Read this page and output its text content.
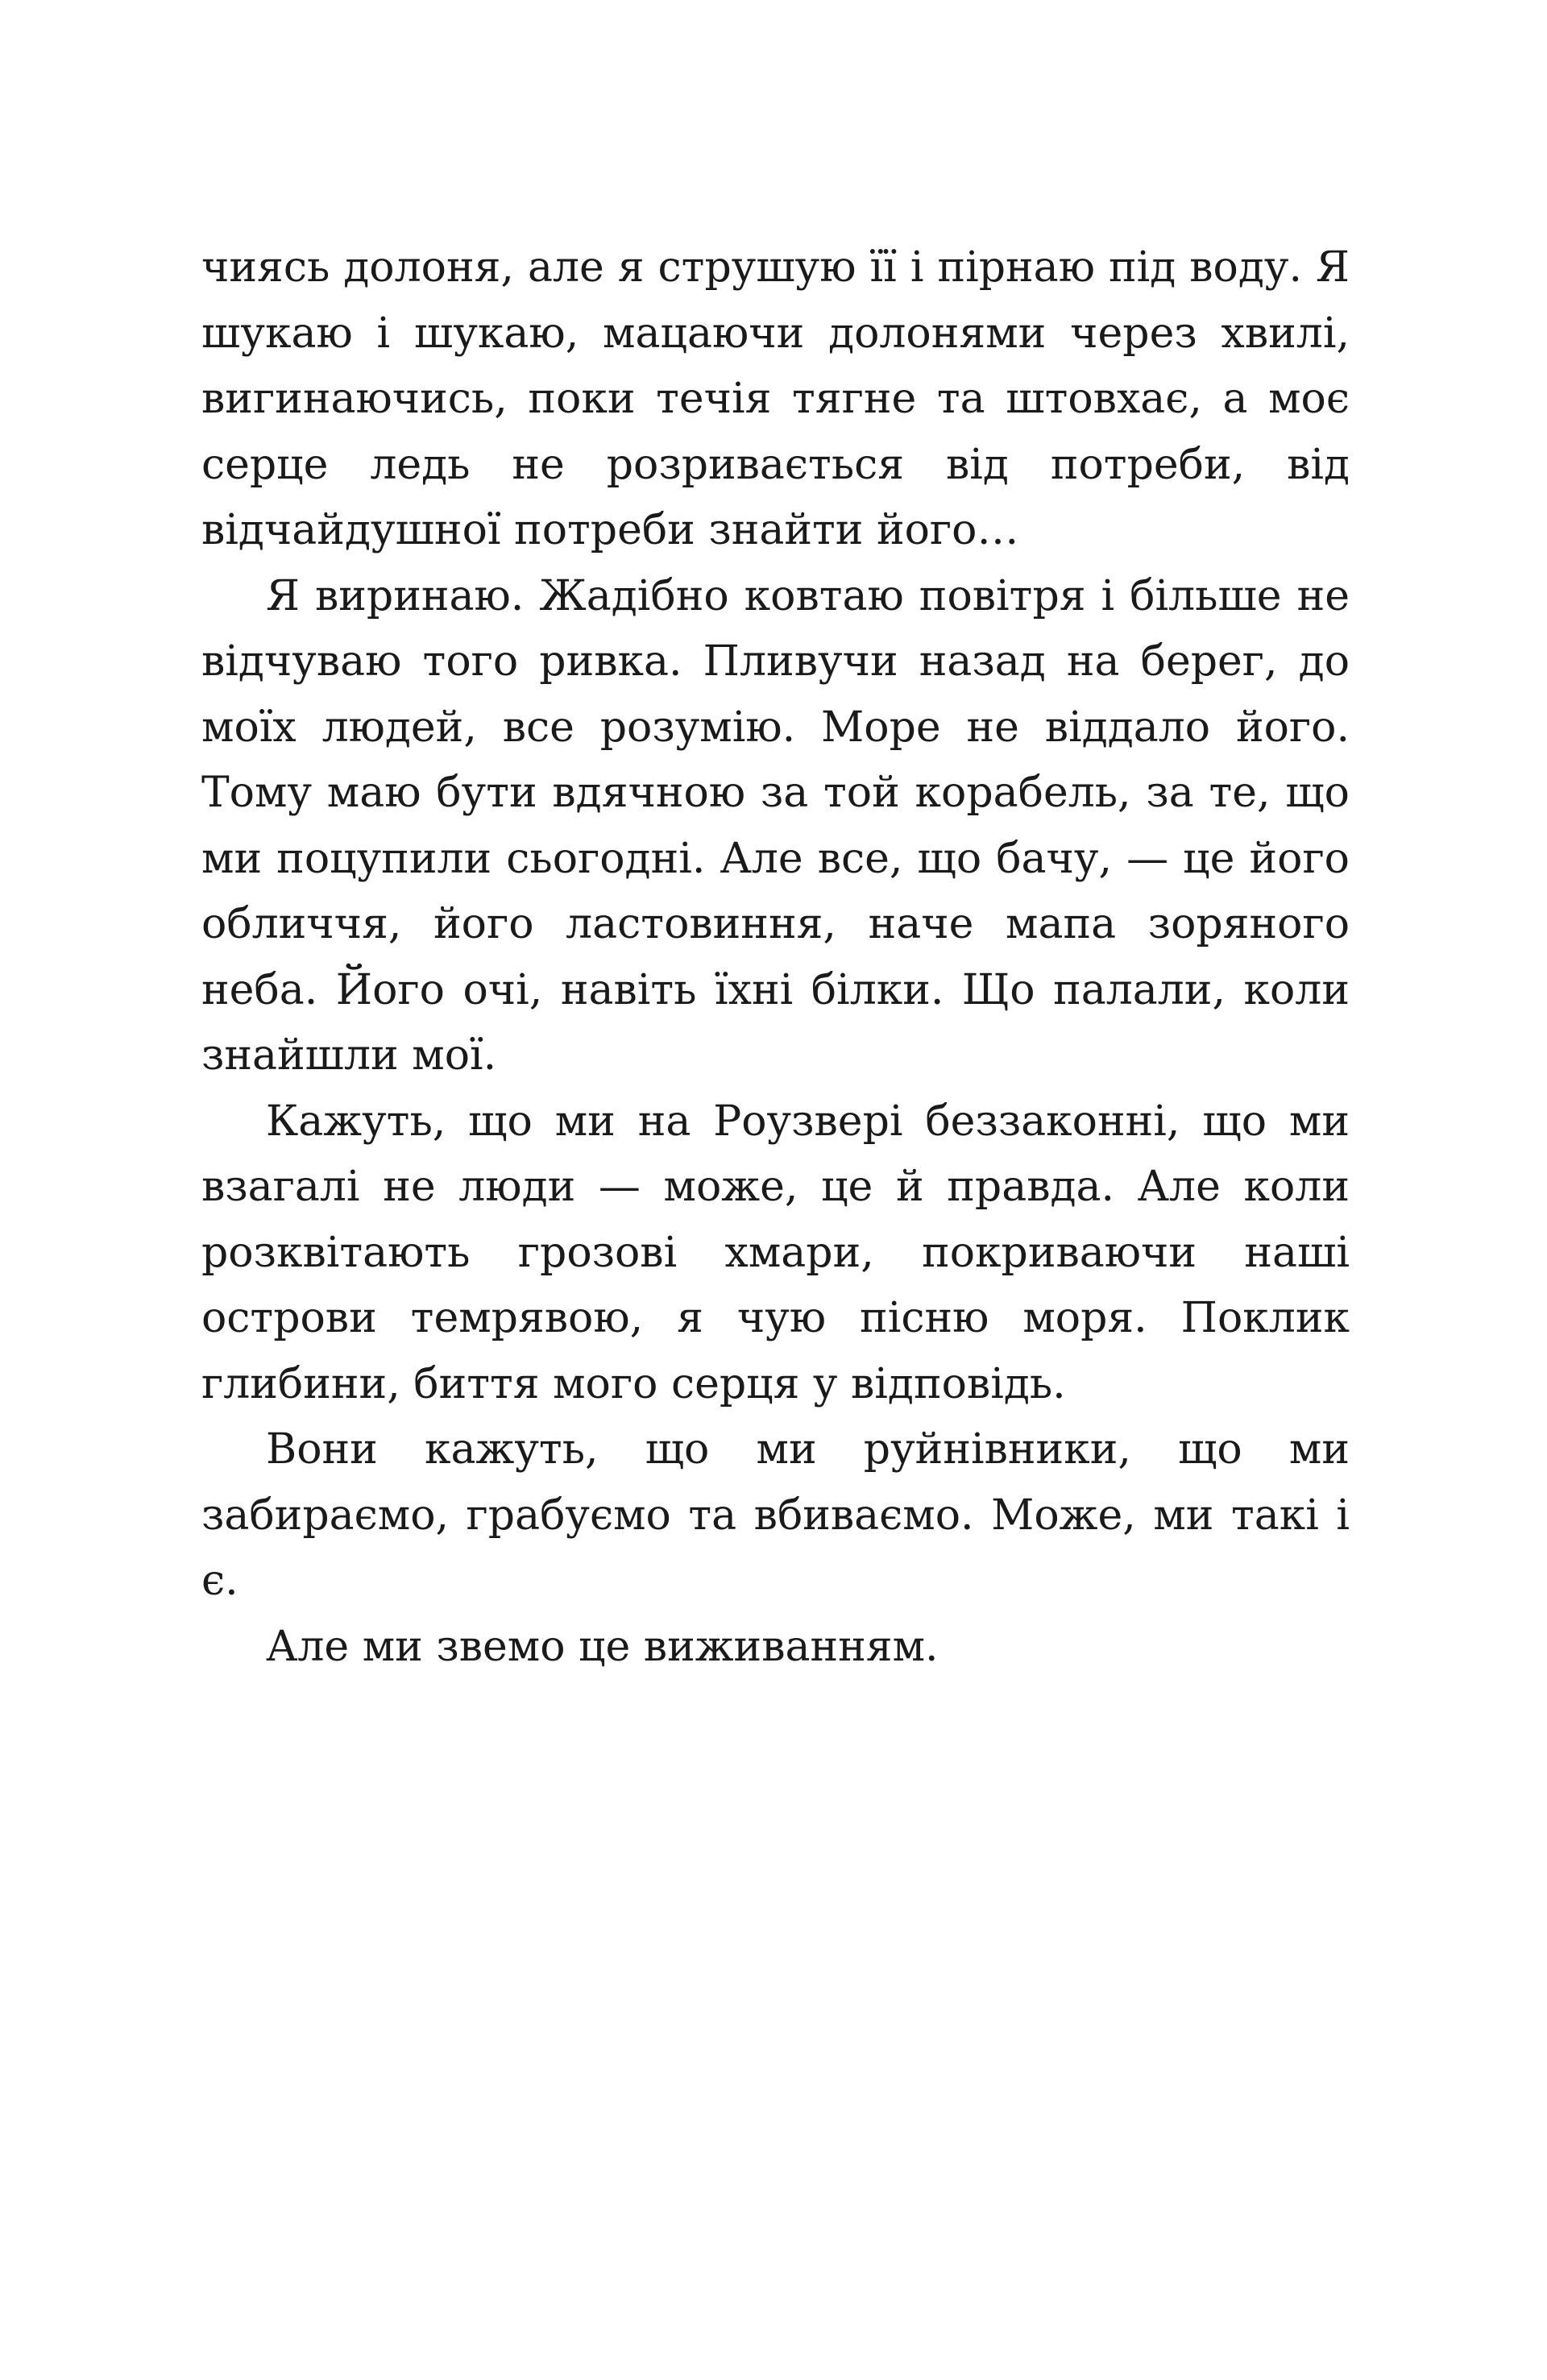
чиясь долоня, але я струшую її і пірнаю під воду. Я шукаю і шукаю, мацаючи долонями через хвилі, вигинаючись, поки течія тягне та штовхає, а моє серце ледь не розривається від потреби, від відчайдушної потреби знайти його…

Я виринаю. Жадібно ковтаю повітря і більше не відчуваю того ривка. Пливучи назад на берег, до моїх людей, все розумію. Море не віддало його. Тому маю бути вдячною за той корабель, за те, що ми поцупили сьогодні. Але все, що бачу, — це його обличчя, його ластовиння, наче мапа зоряного неба. Його очі, навіть їхні білки. Що палали, коли знайшли мої.

Кажуть, що ми на Роузвері беззаконні, що ми взагалі не люди — може, це й правда. Але коли розквітають грозові хмари, покриваючи наші острови темрявою, я чую пісню моря. Поклик глибини, биття мого серця у відповідь.

Вони кажуть, що ми руйнівники, що ми забираємо, грабуємо та вбиваємо. Може, ми такі і є.

Але ми звемо це виживанням.
